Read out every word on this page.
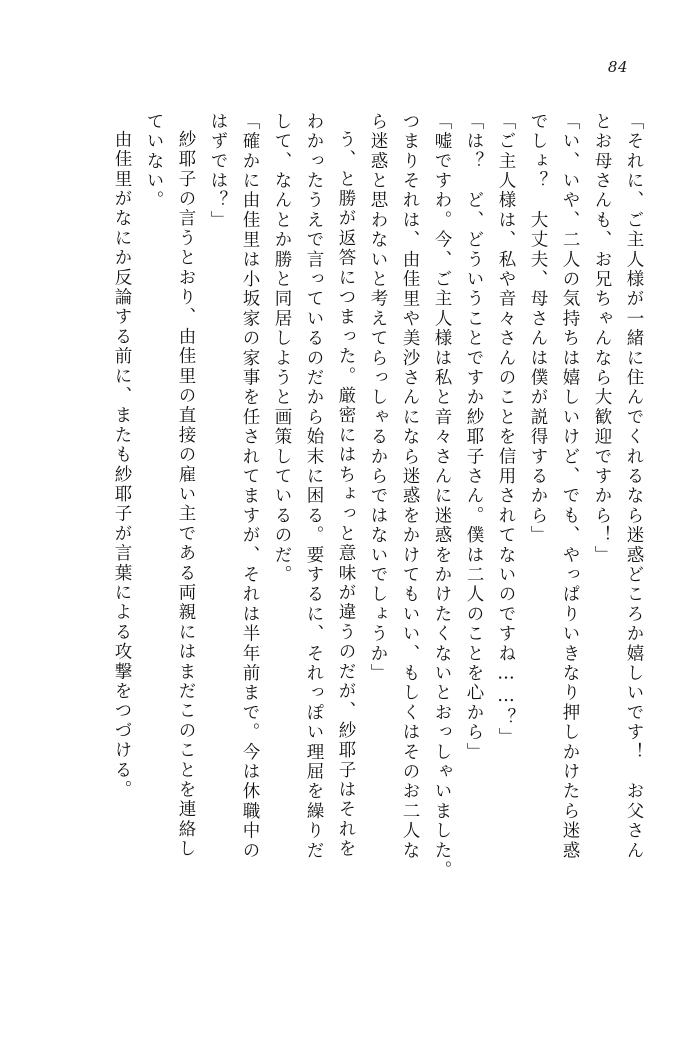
84
「それに、ご主人様が一緒に住んでくれるなら迷惑どころか嬉しいです！　お父さん
とお母さんも、お兄ちゃんなら大歓迎ですから！」
「い、いや、二人の気持ちは嬉しいけど、でも、やっぱりいきなり押しかけたら迷惑
でしょ？　大丈夫、母さんは僕が説得するから」
「ご主人様は、私や音々さんのことを信用されてないのですね……？」
「は？　ど、どういうことですか紗耶子さん。僕は二人のことを心から」
「嘘ですわ。今、ご主人様は私と音々さんに迷惑をかけたくないとおっしゃいました。
つまりそれは、由佳里や美沙さんになら迷惑をかけてもいい、もしくはそのお二人な
ら迷惑と思わないと考えてらっしゃるからではないでしょうか」
う、と勝が返答につまった。厳密にはちょっと意味が違うのだが、紗耶子はそれを
わかったうえで言っているのだから始末に困る。要するに、それっぽい理屈を繰りだ
して、なんとか勝と同居しようと画策しているのだ。
「確かに由佳里は小坂家の家事を任されてますが、それは半年前まで。今は休職中の
はずでは？」
紗耶子の言うとおり、由佳里の直接の雇い主である両親にはまだこのことを連絡し
ていない。
由佳里がなにか反論する前に、またも紗耶子が言葉による攻撃をつづける。
